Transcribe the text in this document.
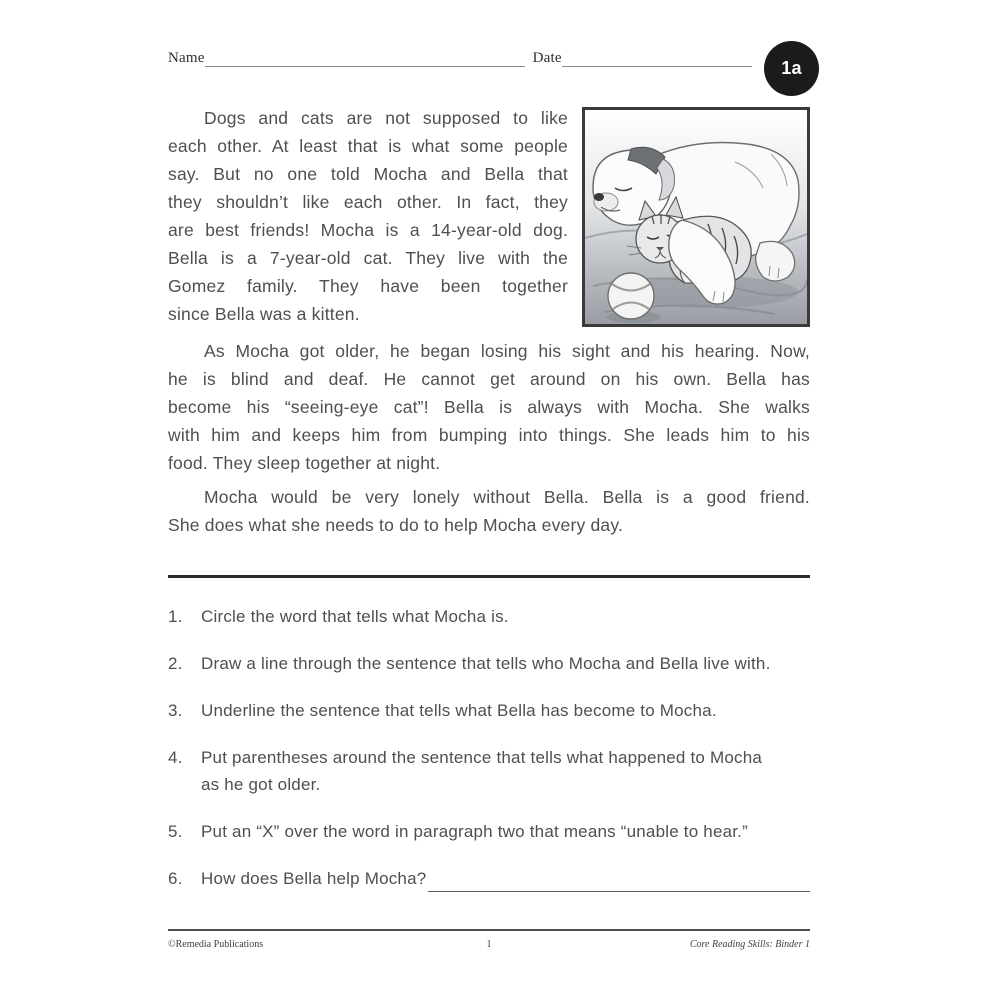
Name	Date	1a
Dogs and cats are not supposed to like
each other. At least that is what some people
say. But no one told Mocha and Bella that
they shouldn’t like each other. In fact, they
are best friends! Mocha is a 14-year-old dog.
Bella is a 7-year-old cat. They live with the
Gomez family. They have been together
since Bella was a kitten.
As Mocha got older, he began losing his sight and his hearing. Now,
he is blind and deaf. He cannot get around on his own. Bella has
become his “seeing-eye cat”! Bella is always with Mocha. She walks
with him and keeps him from bumping into things. She leads him to his
food. They sleep together at night.
Mocha would be very lonely without Bella. Bella is a good friend.
She does what she needs to do to help Mocha every day.
1.	Circle the word that tells what Mocha is.
2.	Draw a line through the sentence that tells who Mocha and Bella live with.
3.	Underline the sentence that tells what Bella has become to Mocha.
4.	Put parentheses around the sentence that tells what happened to Mocha
as he got older.
5.	Put an “X” over the word in paragraph two that means “unable to hear.”
6.	How does Bella help Mocha?
©Remedia Publications	1	Core Reading Skills: Binder 1
